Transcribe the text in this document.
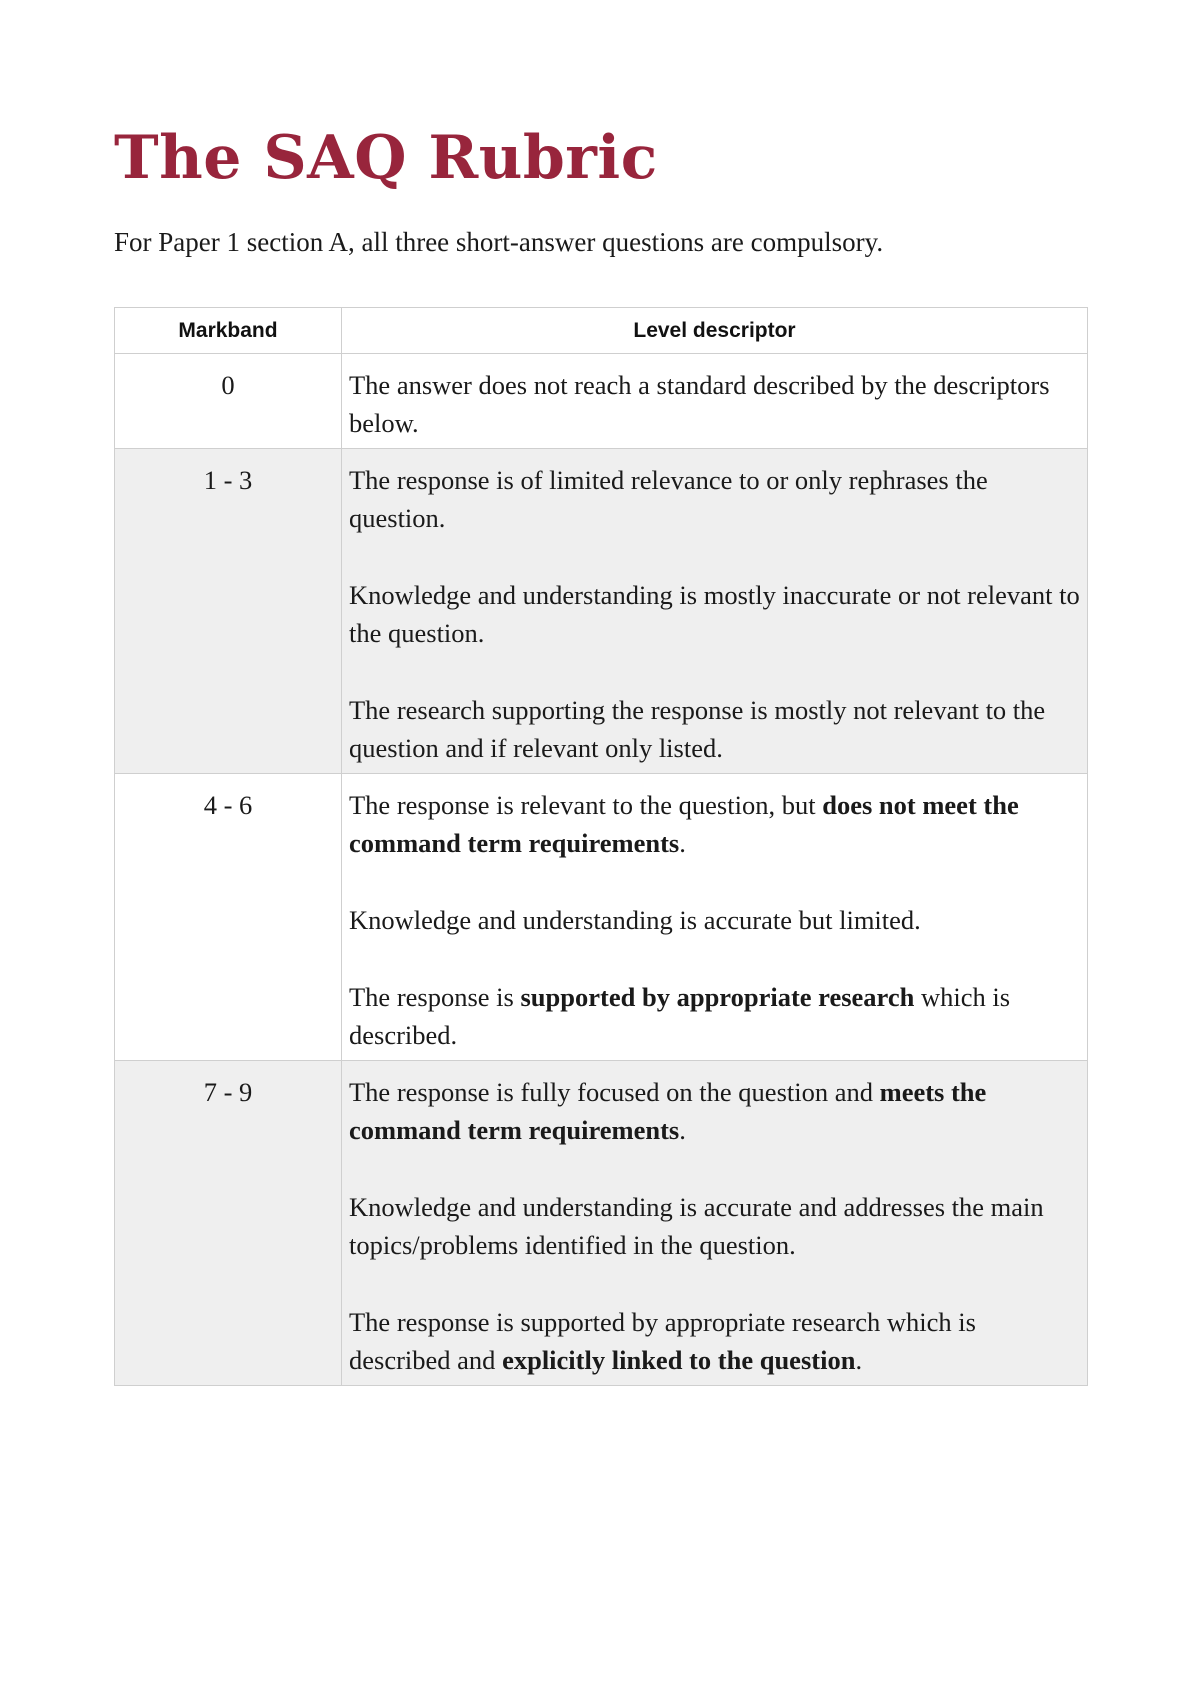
The SAQ Rubric

For Paper 1 section A, all three short-answer questions are compulsory.

Markband	Level descriptor
0	The answer does not reach a standard described by the descriptors below.

1 - 3	The response is of limited relevance to or only rephrases the question.

Knowledge and understanding is mostly inaccurate or not relevant to the question.

The research supporting the response is mostly not relevant to the question and if relevant only listed.

4 - 6	The response is relevant to the question, but does not meet the command term requirements.

Knowledge and understanding is accurate but limited.

The response is supported by appropriate research which is described.

7 - 9	The response is fully focused on the question and meets the command term requirements.

Knowledge and understanding is accurate and addresses the main topics/problems identified in the question.

The response is supported by appropriate research which is described and explicitly linked to the question.
